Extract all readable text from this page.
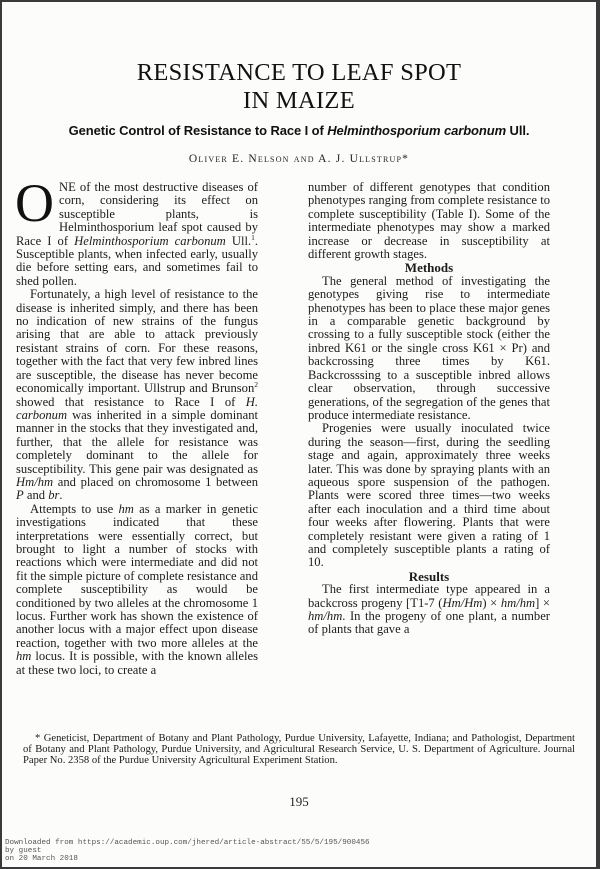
RESISTANCE TO LEAF SPOT
IN MAIZE
Genetic Control of Resistance to Race I of Helminthosporium carbonum Ull.
Oliver E. Nelson and A. J. Ullstrup*

ONE of the most destructive diseases of corn, considering its effect on susceptible plants, is Helminthosporium leaf spot caused by Race I of Helminthosporium carbonum Ull.$^1$. Susceptible plants, when infected early, usually die before setting ears, and sometimes fail to shed pollen.

Fortunately, a high level of resistance to the disease is inherited simply, and there has been no indication of new strains of the fungus arising that are able to attack previously resistant strains of corn. For these reasons, together with the fact that very few inbred lines are susceptible, the disease has never become economically important. Ullstrup and Brunson$^2$ showed that resistance to Race I of H. carbonum was inherited in a simple dominant manner in the stocks that they investigated and, further, that the allele for resistance was completely dominant to the allele for susceptibility. This gene pair was designated as Hm/hm and placed on chromosome 1 between P and br.

Attempts to use hm as a marker in genetic investigations indicated that these interpretations were essentially correct, but brought to light a number of stocks with reactions which were intermediate and did not fit the simple picture of complete resistance and complete susceptibility as would be conditioned by two alleles at the chromosome 1 locus. Further work has shown the existence of another locus with a major effect upon disease reaction, together with two more alleles at the hm locus. It is possible, with the known alleles at these two loci, to create a

number of different genotypes that condition phenotypes ranging from complete resistance to complete susceptibility (Table I). Some of the intermediate phenotypes may show a marked increase or decrease in susceptibility at different growth stages.

Methods

The general method of investigating the genotypes giving rise to intermediate phenotypes has been to place these major genes in a comparable genetic background by crossing to a fully susceptible stock (either the inbred K61 or the single cross K61 × Pr) and backcrossing three times by K61. Backcrosssing to a susceptible inbred allows clear observation, through successive generations, of the segregation of the genes that produce intermediate resistance.

Progenies were usually inoculated twice during the season—first, during the seedling stage and again, approximately three weeks later. This was done by spraying plants with an aqueous spore suspension of the pathogen. Plants were scored three times—two weeks after each inoculation and a third time about four weeks after flowering. Plants that were completely resistant were given a rating of 1 and completely susceptible plants a rating of 10.

Results

The first intermediate type appeared in a backcross progeny [T1-7 (Hm/Hm) × hm/hm] × hm/hm. In the progeny of one plant, a number of plants that gave a

* Geneticist, Department of Botany and Plant Pathology, Purdue University, Lafayette, Indiana; and Pathologist, Department of Botany and Plant Pathology, Purdue University, and Agricultural Research Service, U. S. Department of Agriculture. Journal Paper No. 2358 of the Purdue University Agricultural Experiment Station.
195
Downloaded from https://academic.oup.com/jhered/article-abstract/55/5/195/900456
by guest
on 20 March 2018
